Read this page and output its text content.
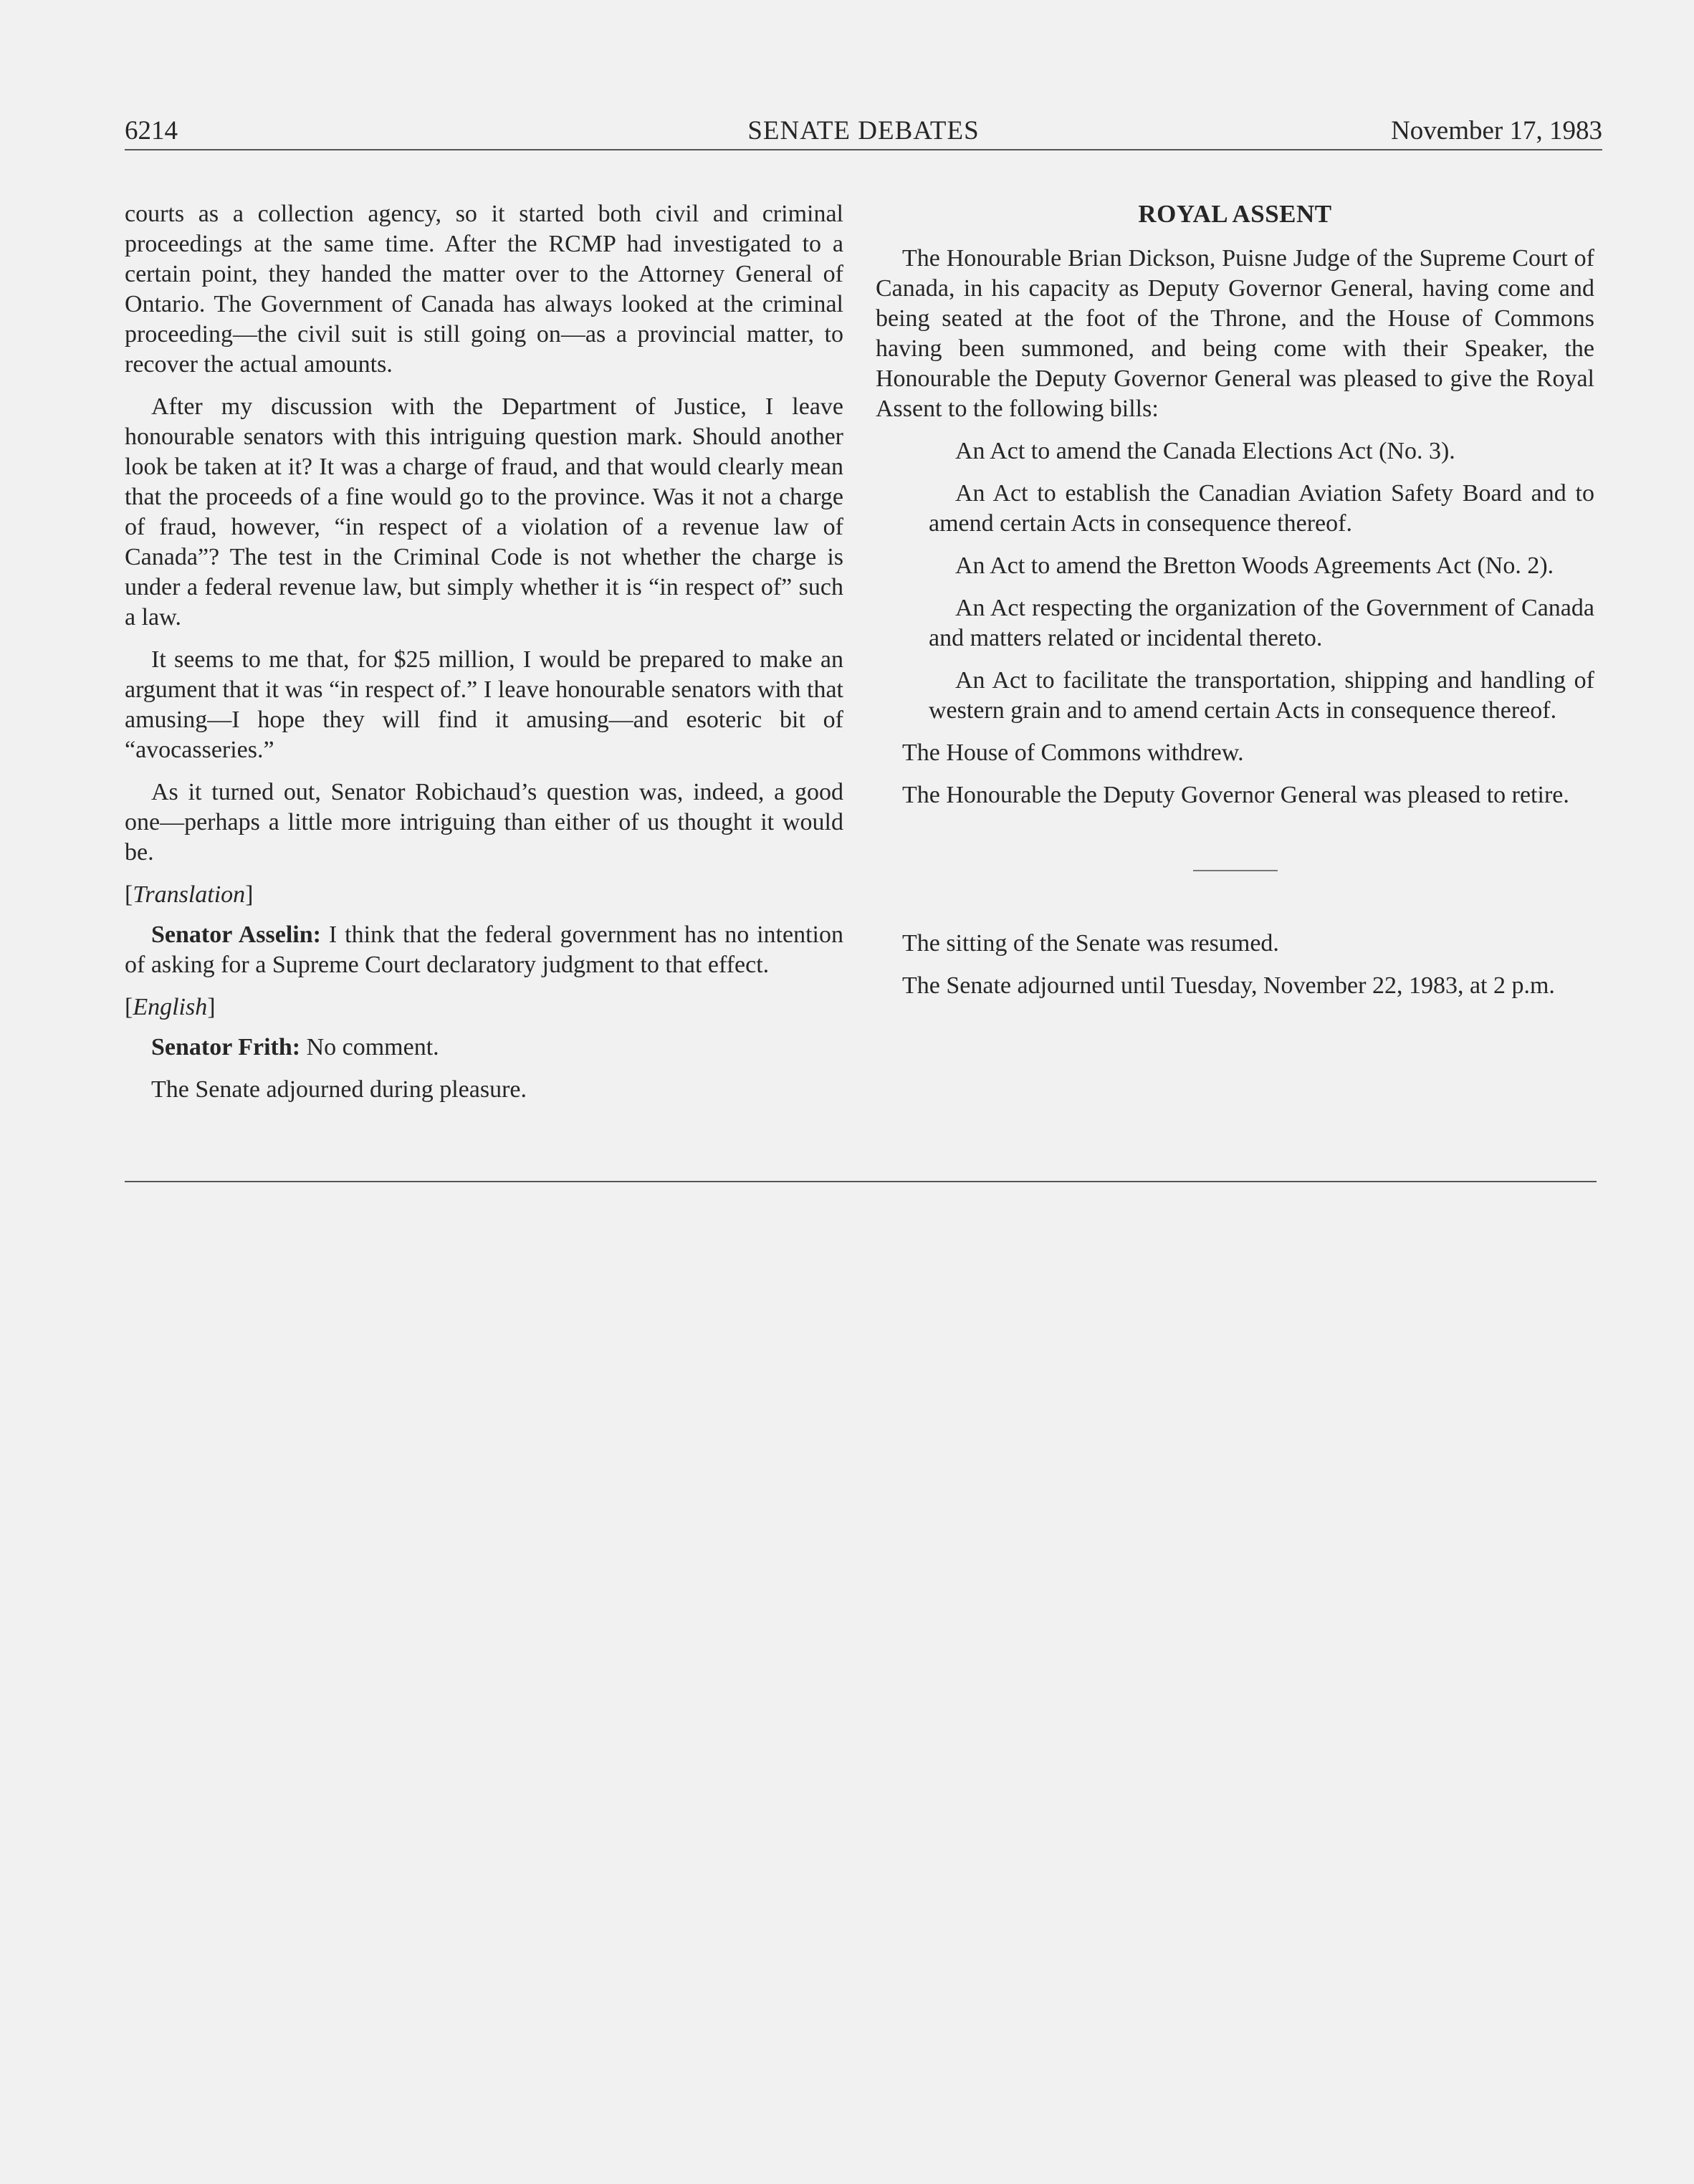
6214	SENATE DEBATES	November 17, 1983

courts as a collection agency, so it started both civil and criminal proceedings at the same time. After the RCMP had investigated to a certain point, they handed the matter over to the Attorney General of Ontario. The Government of Canada has always looked at the criminal proceeding—the civil suit is still going on—as a provincial matter, to recover the actual amounts.

After my discussion with the Department of Justice, I leave honourable senators with this intriguing question mark. Should another look be taken at it? It was a charge of fraud, and that would clearly mean that the proceeds of a fine would go to the province. Was it not a charge of fraud, however, “in respect of a violation of a revenue law of Canada”? The test in the Criminal Code is not whether the charge is under a federal revenue law, but simply whether it is “in respect of” such a law.

It seems to me that, for $25 million, I would be prepared to make an argument that it was “in respect of.” I leave honourable senators with that amusing—I hope they will find it amusing—and esoteric bit of “avocasseries.”

As it turned out, Senator Robichaud’s question was, indeed, a good one—perhaps a little more intriguing than either of us thought it would be.

[Translation]

Senator Asselin: I think that the federal government has no intention of asking for a Supreme Court declaratory judgment to that effect.

[English]

Senator Frith: No comment.

The Senate adjourned during pleasure.

ROYAL ASSENT

The Honourable Brian Dickson, Puisne Judge of the Supreme Court of Canada, in his capacity as Deputy Governor General, having come and being seated at the foot of the Throne, and the House of Commons having been summoned, and being come with their Speaker, the Honourable the Deputy Governor General was pleased to give the Royal Assent to the following bills:

An Act to amend the Canada Elections Act (No. 3).

An Act to establish the Canadian Aviation Safety Board and to amend certain Acts in consequence thereof.

An Act to amend the Bretton Woods Agreements Act (No. 2).

An Act respecting the organization of the Government of Canada and matters related or incidental thereto.

An Act to facilitate the transportation, shipping and handling of western grain and to amend certain Acts in consequence thereof.

The House of Commons withdrew.

The Honourable the Deputy Governor General was pleased to retire.

The sitting of the Senate was resumed.

The Senate adjourned until Tuesday, November 22, 1983, at 2 p.m.
